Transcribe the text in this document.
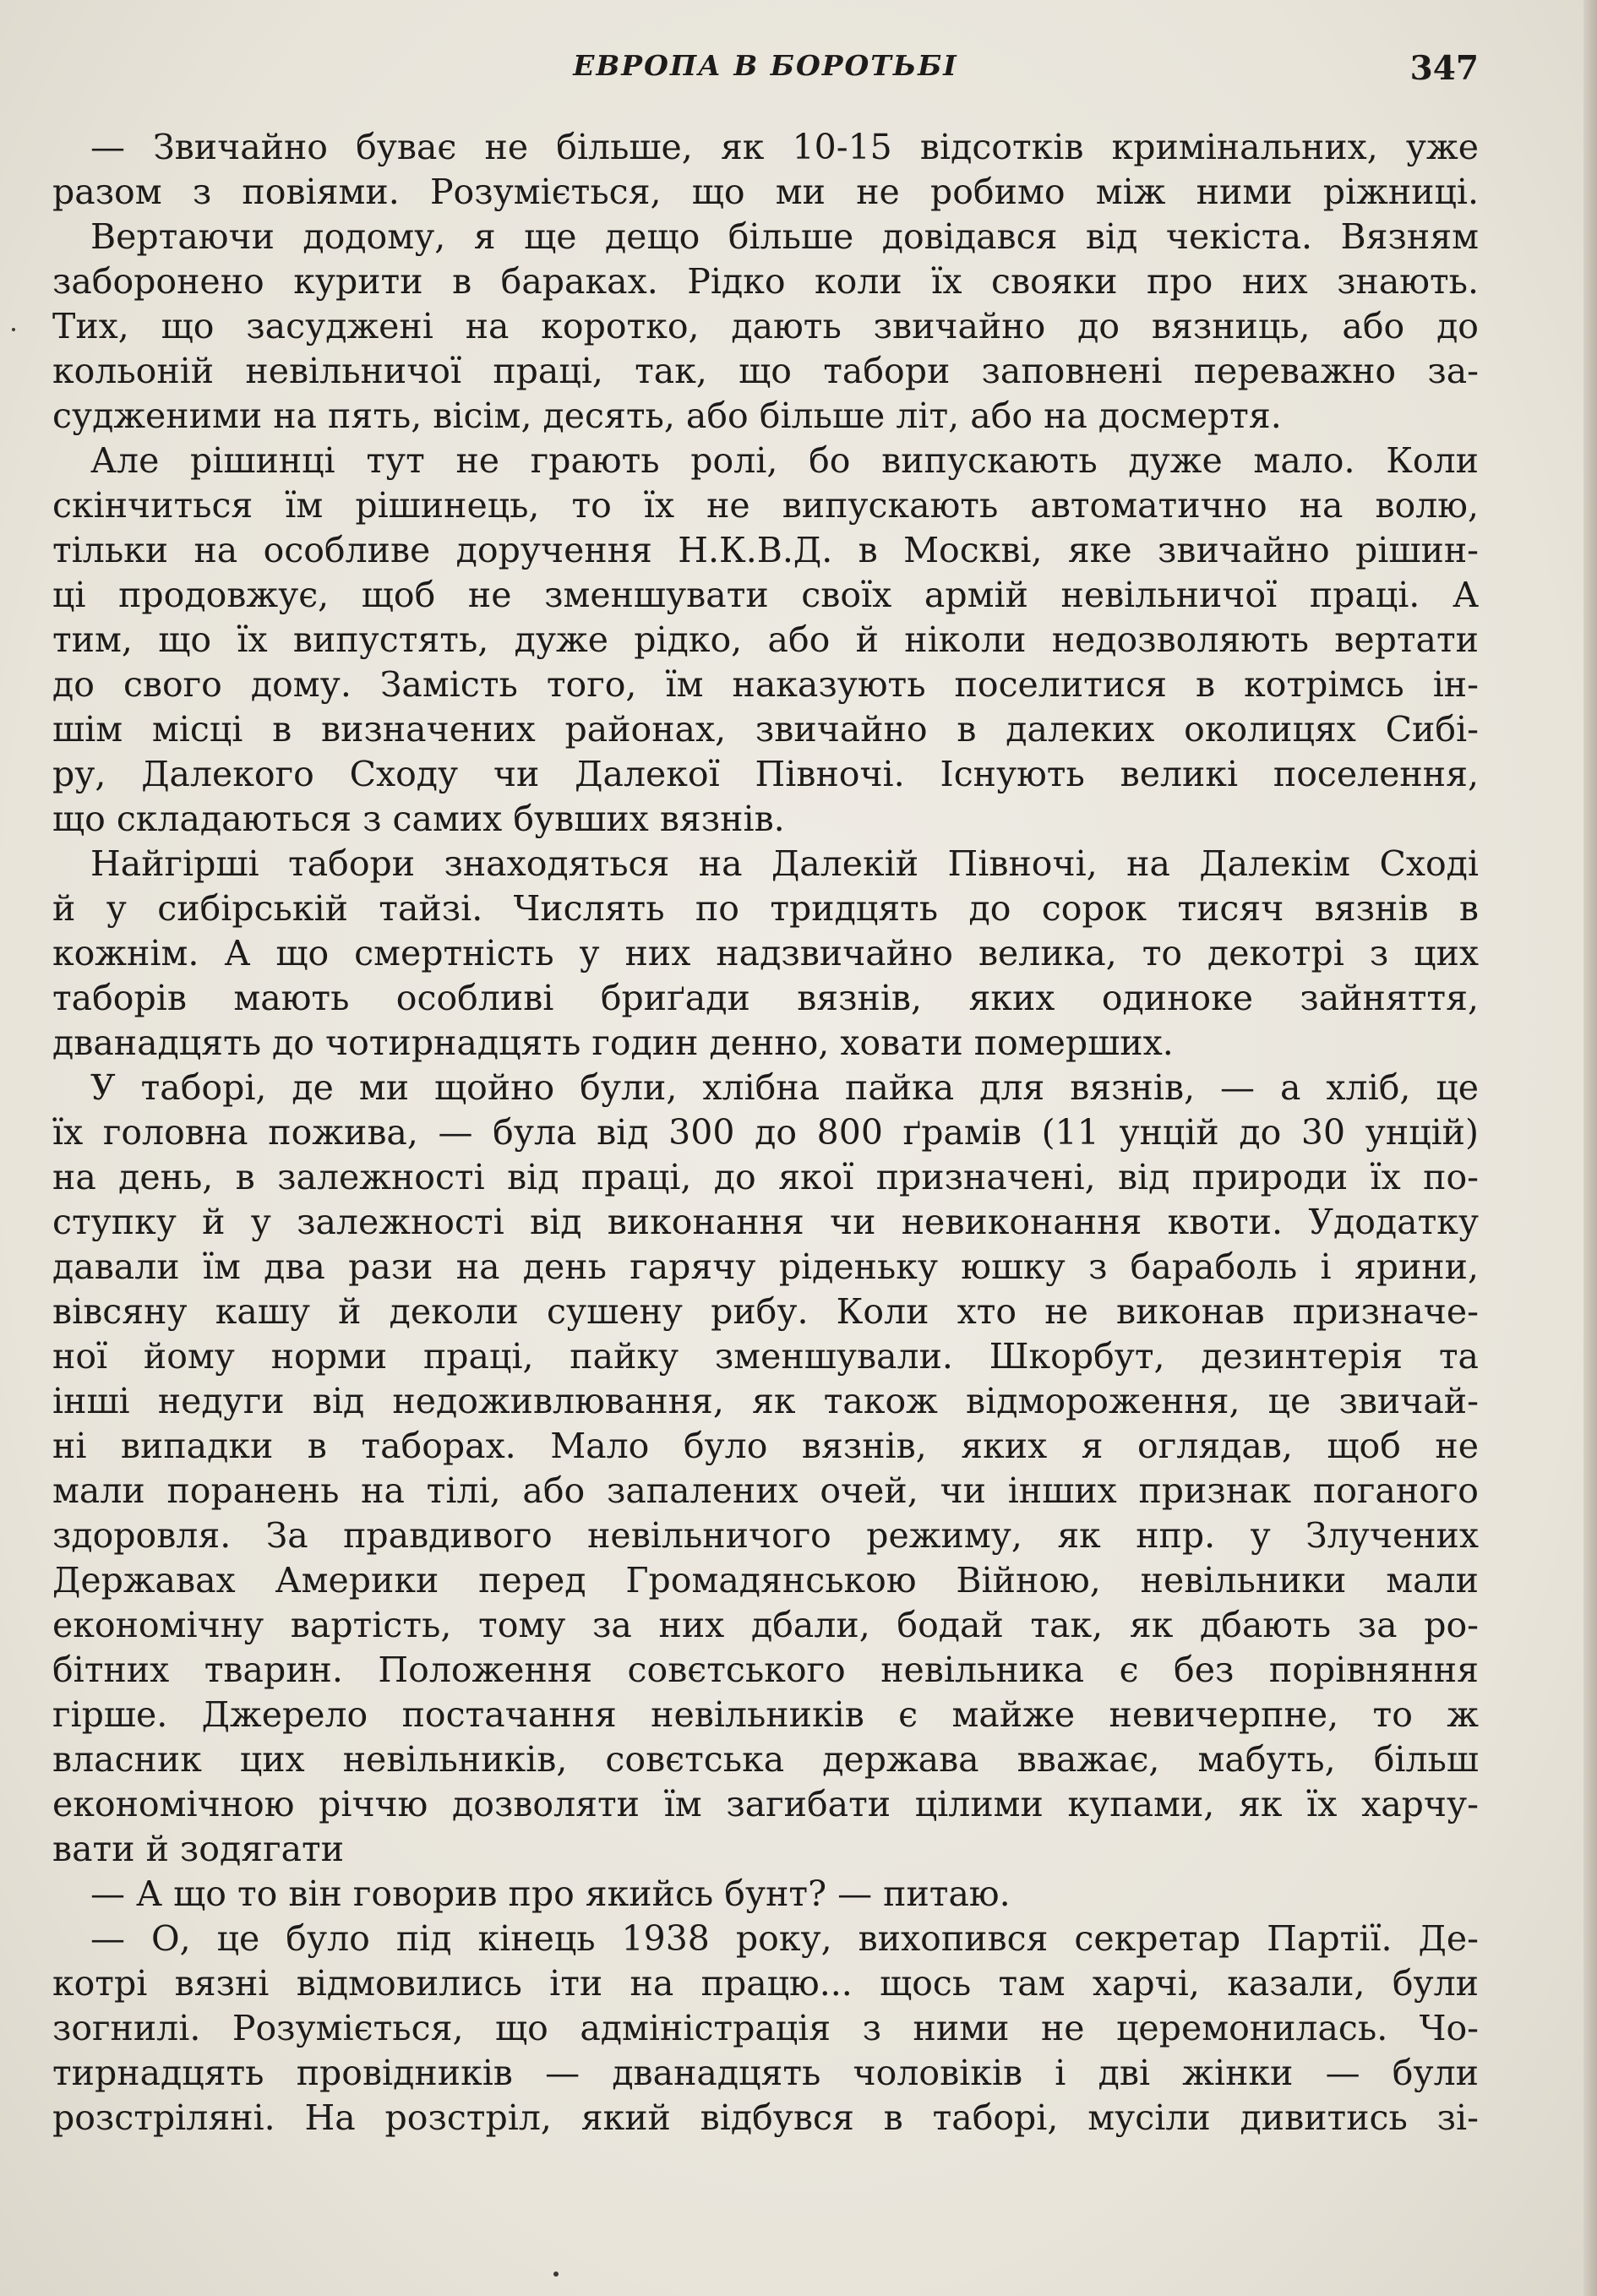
ЕВРОПА В БОРОТЬБІ	347
— Звичайно буває не більше, як 10-15 відсотків кримінальних, уже
разом з повіями. Розуміється, що ми не робимо між ними ріжниці.
Вертаючи додому, я ще дещо більше довідався від чекіста. Вязням
заборонено курити в бараках. Рідко коли їх свояки про них знають.
Тих, що засуджені на коротко, дають звичайно до вязниць, або до
кольоній невільничої праці, так, що табори заповнені переважно за-
судженими на пять, вісім, десять, або більше літ, або на досмертя.
Але рішинці тут не грають ролі, бо випускають дуже мало. Коли
скінчиться їм рішинець, то їх не випускають автоматично на волю,
тільки на особливе доручення Н.К.В.Д. в Москві, яке звичайно рішин-
ці продовжує, щоб не зменшувати своїх армій невільничої праці. А
тим, що їх випустять, дуже рідко, або й ніколи недозволяють вертати
до свого дому. Замість того, їм наказують поселитися в котрімсь ін-
шім місці в визначених районах, звичайно в далеких околицях Сибі-
ру, Далекого Сходу чи Далекої Півночі. Існують великі поселення,
що складаються з самих бувших вязнів.
Найгірші табори знаходяться на Далекій Півночі, на Далекім Сході
й у сибірській тайзі. Числять по тридцять до сорок тисяч вязнів в
кожнім. А що смертність у них надзвичайно велика, то декотрі з цих
таборів мають особливі бриґади вязнів, яких одиноке зайняття,
дванадцять до чотирнадцять годин денно, ховати померших.
У таборі, де ми щойно були, хлібна пайка для вязнів, — а хліб, це
їх головна пожива, — була від 300 до 800 ґрамів (11 унцій до 30 унцій)
на день, в залежності від праці, до якої призначені, від природи їх по-
ступку й у залежності від виконання чи невиконання квоти. Удодатку
давали їм два рази на день гарячу ріденьку юшку з бараболь і ярини,
вівсяну кашу й деколи сушену рибу. Коли хто не виконав призначе-
ної йому норми праці, пайку зменшували. Шкорбут, дезинтерія та
інші недуги від недоживлювання, як також відмороження, це звичай-
ні випадки в таборах. Мало було вязнів, яких я оглядав, щоб не
мали поранень на тілі, або запалених очей, чи інших признак поганого
здоровля. За правдивого невільничого режиму, як нпр. у Злучених
Державах Америки перед Громадянською Війною, невільники мали
економічну вартість, тому за них дбали, бодай так, як дбають за ро-
бітних тварин. Положення совєтського невільника є без порівняння
гірше. Джерело постачання невільників є майже невичерпне, то ж
власник цих невільників, совєтська держава вважає, мабуть, більш
економічною річчю дозволяти їм загибати цілими купами, як їх харчу-
вати й зодягати
— А що то він говорив про якийсь бунт? — питаю.
— О, це було під кінець 1938 року, вихопився секретар Партії. Де-
котрі вязні відмовились іти на працю... щось там харчі, казали, були
зогнилі. Розуміється, що адміністрація з ними не церемонилась. Чо-
тирнадцять провідників — дванадцять чоловіків і дві жінки — були
розстріляні. На розстріл, який відбувся в таборі, мусіли дивитись зі-
